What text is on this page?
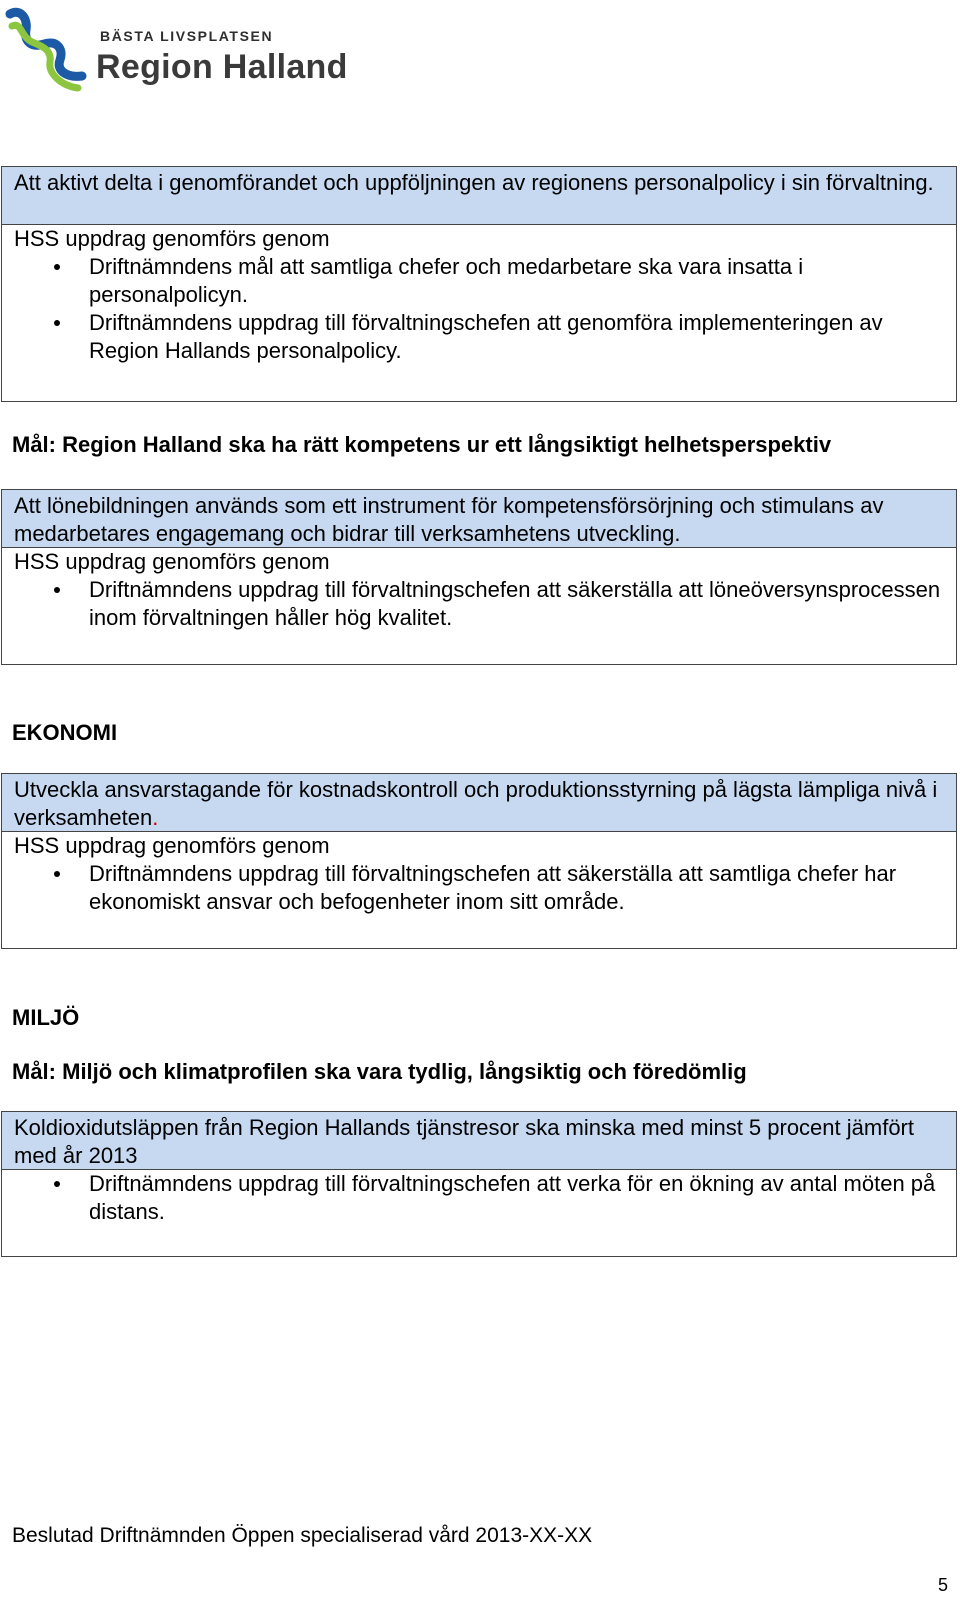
BÄSTA LIVSPLATSEN
Region Halland
Att aktivt delta i genomförandet och uppföljningen av regionens personalpolicy i sin förvaltning.
HSS uppdrag genomförs genom
Driftnämndens mål att samtliga chefer och medarbetare ska vara insatta i personalpolicyn.
Driftnämndens uppdrag till förvaltningschefen att genomföra implementeringen av Region Hallands personalpolicy.
Mål: Region Halland ska ha rätt kompetens ur ett långsiktigt helhetsperspektiv
Att lönebildningen används som ett instrument för kompetensförsörjning och stimulans av medarbetares engagemang och bidrar till verksamhetens utveckling.
HSS uppdrag genomförs genom
Driftnämndens uppdrag till förvaltningschefen att säkerställa att löneöversynsprocessen inom förvaltningen håller hög kvalitet.
EKONOMI
Utveckla ansvarstagande för kostnadskontroll och produktionsstyrning på lägsta lämpliga nivå i verksamheten.
HSS uppdrag genomförs genom
Driftnämndens uppdrag till förvaltningschefen att säkerställa att samtliga chefer har ekonomiskt ansvar och befogenheter inom sitt område.
MILJÖ
Mål: Miljö och klimatprofilen ska vara tydlig, långsiktig och föredömlig
Koldioxidutsläppen från Region Hallands tjänstresor ska minska med minst 5 procent jämfört med år 2013
Driftnämndens uppdrag till förvaltningschefen att verka för en ökning av antal möten på distans.
Beslutad Driftnämnden Öppen specialiserad vård 2013-XX-XX
5
